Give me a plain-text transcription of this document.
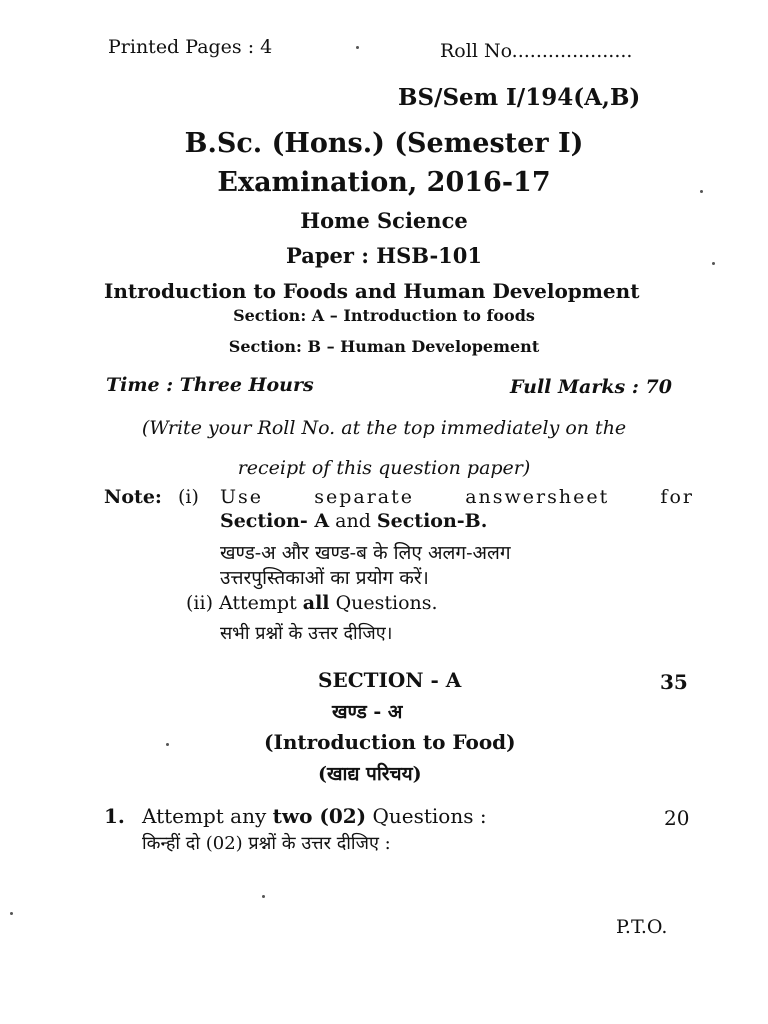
Printed Pages : 4	Roll No....................
BS/Sem I/194(A,B)
B.Sc. (Hons.) (Semester I)
Examination, 2016-17
Home Science
Paper : HSB-101
Introduction to Foods and Human Development
Section: A – Introduction to foods
Section: B – Human Developement
Time : Three Hours	Full Marks : 70
(Write your Roll No. at the top immediately on the
receipt of this question paper)
Note: (i) Use	separate	answersheet	for
Section- A and Section-B.
खण्ड-अ और खण्ड-ब के लिए अलग-अलग
उत्तरपुस्तिकाओं का प्रयोग करें।
(ii) Attempt all Questions.
सभी प्रश्नों के उत्तर दीजिए।
SECTION - A	35
खण्ड - अ
(Introduction to Food)
(खाद्य परिचय)
1. Attempt any two (02) Questions :	20
किन्हीं दो (02) प्रश्नों के उत्तर दीजिए :
P.T.O.
